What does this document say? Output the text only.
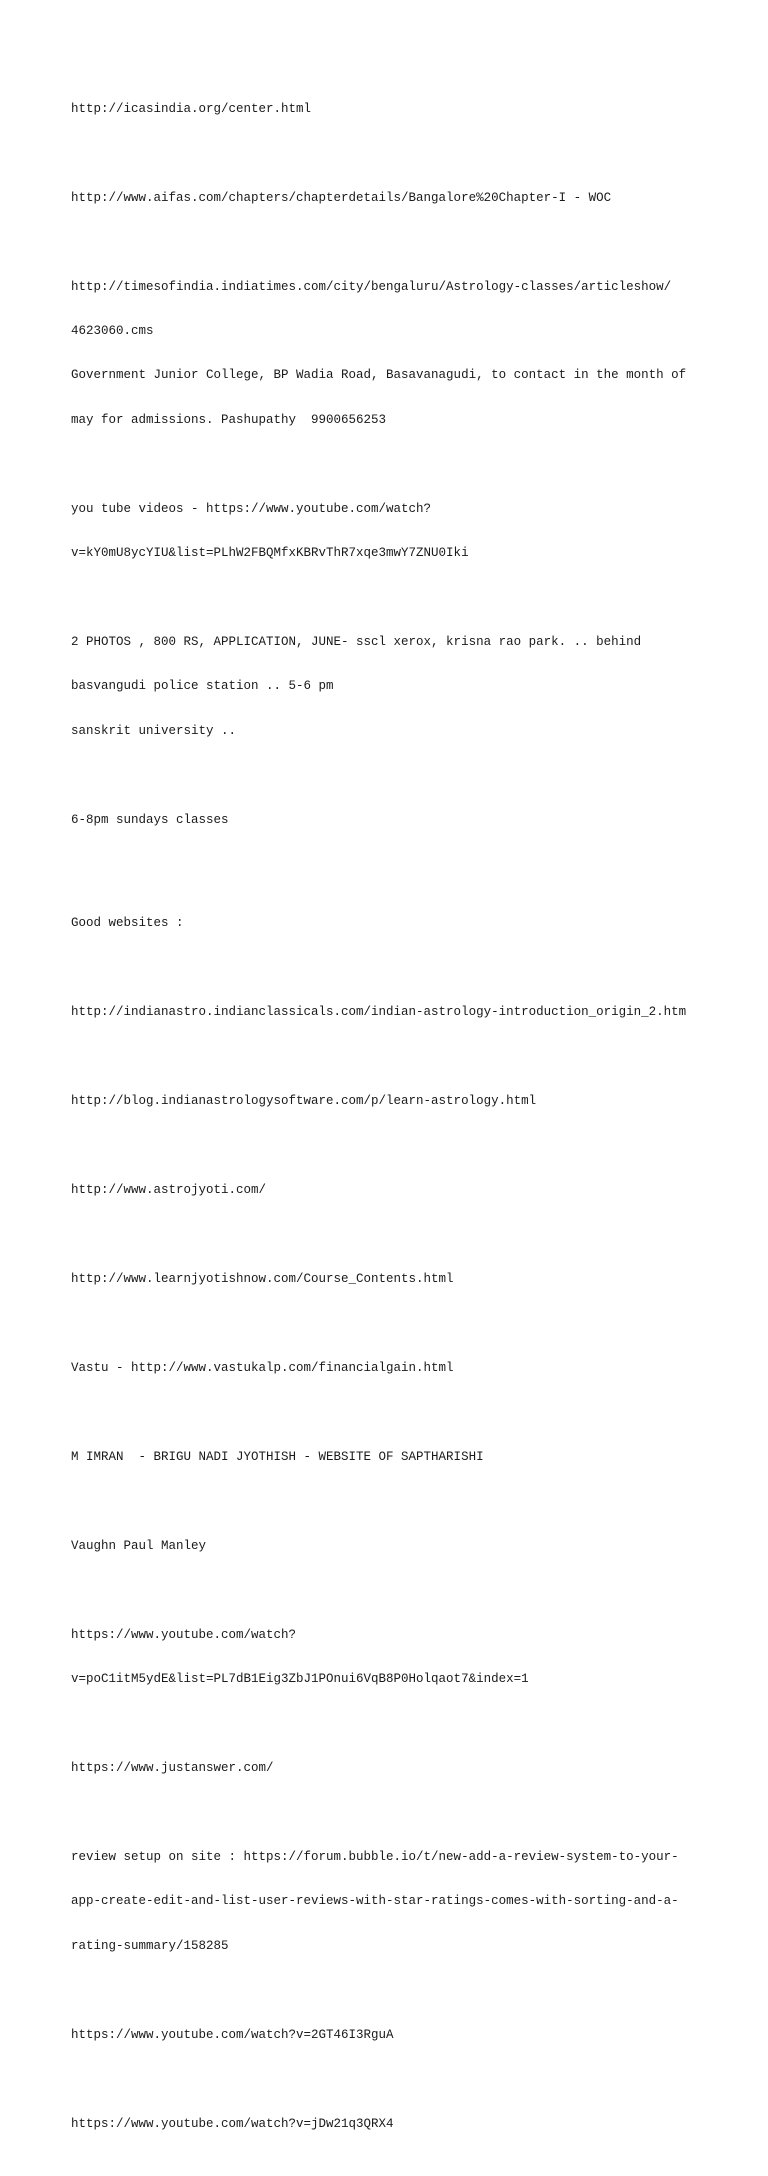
http://icasindia.org/center.html

http://www.aifas.com/chapters/chapterdetails/Bangalore%20Chapter-I - WOC

http://timesofindia.indiatimes.com/city/bengaluru/Astrology-classes/articleshow/

4623060.cms

Government Junior College, BP Wadia Road, Basavanagudi, to contact in the month of

may for admissions. Pashupathy  9900656253

you tube videos - https://www.youtube.com/watch?

v=kY0mU8ycYIU&list=PLhW2FBQMfxKBRvThR7xqe3mwY7ZNU0Iki

2 PHOTOS , 800 RS, APPLICATION, JUNE- sscl xerox, krisna rao park. .. behind

basvangudi police station .. 5-6 pm

sanskrit university ..

6-8pm sundays classes

Good websites :

http://indianastro.indianclassicals.com/indian-astrology-introduction_origin_2.htm

http://blog.indianastrologysoftware.com/p/learn-astrology.html

http://www.astrojyoti.com/

http://www.learnjyotishnow.com/Course_Contents.html

Vastu - http://www.vastukalp.com/financialgain.html

M IMRAN  - BRIGU NADI JYOTHISH - WEBSITE OF SAPTHARISHI

Vaughn Paul Manley

https://www.youtube.com/watch?

v=poC1itM5ydE&list=PL7dB1Eig3ZbJ1POnui6VqB8P0Holqaot7&index=1

https://www.justanswer.com/

review setup on site : https://forum.bubble.io/t/new-add-a-review-system-to-your-

app-create-edit-and-list-user-reviews-with-star-ratings-comes-with-sorting-and-a-

rating-summary/158285

https://www.youtube.com/watch?v=2GT46I3RguA

https://www.youtube.com/watch?v=jDw21q3QRX4
